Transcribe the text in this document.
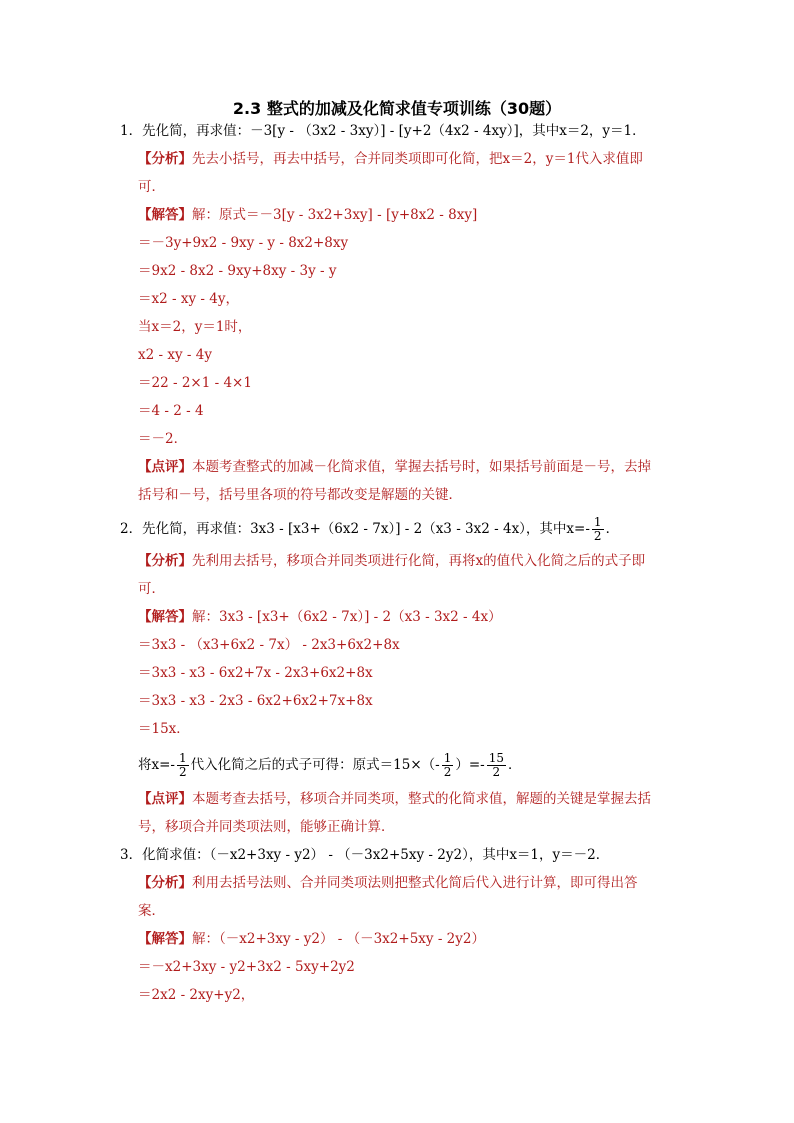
2.3 整式的加减及化简求值专项训练（30题）
1．先化简，再求值：－3[y - （3x2 - 3xy）] - [y+2（4x2 - 4xy）]，其中x＝2，y＝1．
【分析】先去小括号，再去中括号，合并同类项即可化简，把x＝2，y＝1代入求值即
可．
【解答】解：原式＝－3[y - 3x2+3xy] - [y+8x2 - 8xy]
＝－3y+9x2 - 9xy - y - 8x2+8xy
＝9x2 - 8x2 - 9xy+8xy - 3y - y
＝x2 - xy - 4y，
当x＝2，y＝1时，
x2 - xy - 4y
＝22 - 2×1 - 4×1
＝4 - 2 - 4
＝－2．
【点评】本题考查整式的加减－化简求值，掌握去括号时，如果括号前面是－号，去掉
括号和－号，括号里各项的符号都改变是解题的关键．
2．先化简，再求值：3x3 - [x3+（6x2 - 7x）] - 2（x3 - 3x2 - 4x），其中$x=- \frac{1}{2}$ ．
【分析】先利用去括号，移项合并同类项进行化简，再将x的值代入化简之后的式子即
可．
【解答】解：3x3 - [x3+（6x2 - 7x）] - 2（x3 - 3x2 - 4x）
＝3x3 - （x3+6x2 - 7x） - 2x3+6x2+8x
＝3x3 - x3 - 6x2+7x - 2x3+6x2+8x
＝3x3 - x3 - 2x3 - 6x2+6x2+7x+8x
＝15x．
将$x=- \frac{1}{2}$ 代入化简之后的式子可得：原式$=15\times(- \frac{1}{2}$ ）=- $\frac{15}{2}$ ．
【点评】本题考查去括号，移项合并同类项，整式的化简求值，解题的关键是掌握去括
号，移项合并同类项法则，能够正确计算．
3．化简求值：（－x2+3xy - y2） - （－3x2+5xy - 2y2），其中x＝1，y＝－2．
【分析】利用去括号法则、合并同类项法则把整式化简后代入进行计算，即可得出答
案．
【解答】解：（－x2+3xy - y2） - （－3x2+5xy - 2y2）
＝－x2+3xy - y2+3x2 - 5xy+2y2
＝2x2 - 2xy+y2，
